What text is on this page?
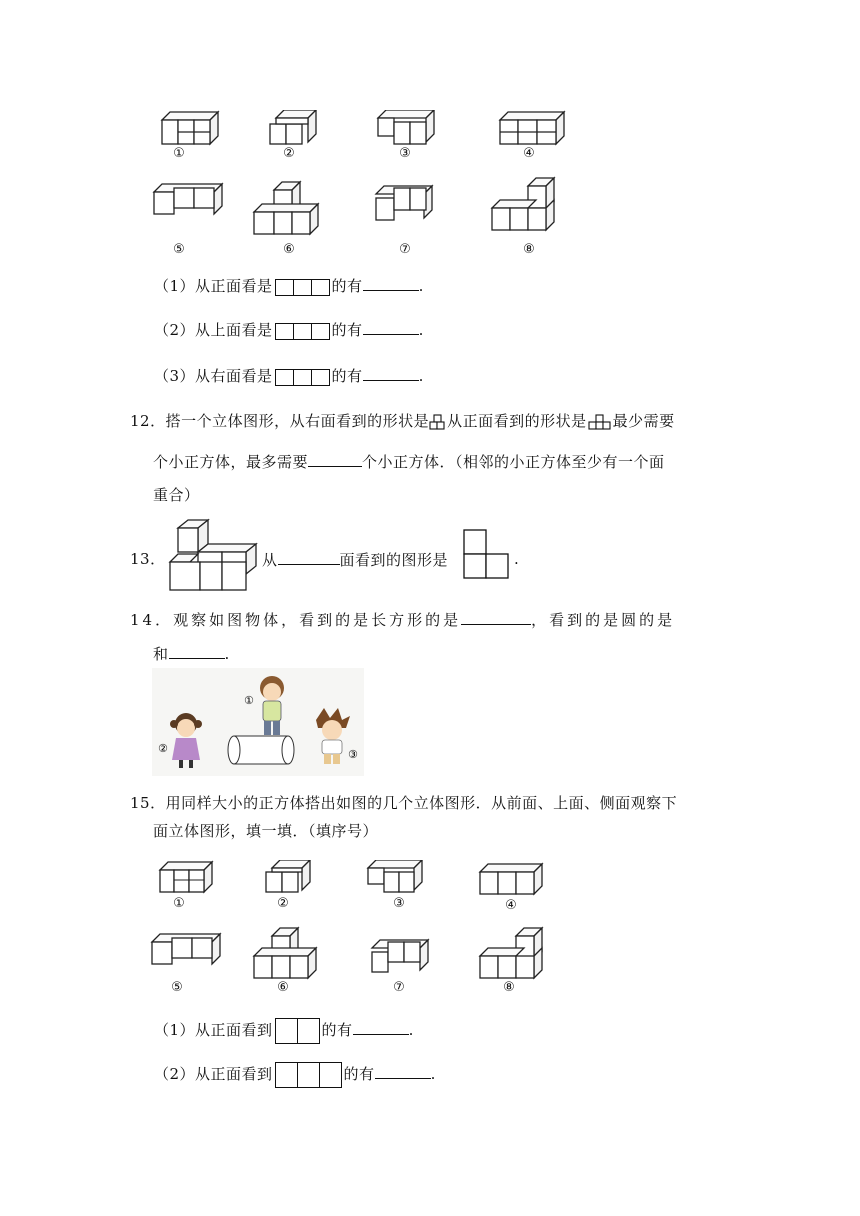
①	②	③	④
⑤	⑥	⑦	⑧
（1）从正面看是	的有	.
（2）从上面看是	的有	.
（3）从右面看是	的有	.
12．搭一个立体图形，从右面看到的形状是 从正面看到的形状是 最少需要
个小正方体，最多需要	个小正方体．（相邻的小正方体至少有一个面
重合）
13．	从	面看到的图形是	.
14．观察如图物体，看到的是长方形的是	，看到的是圆的是
和	.
①
②	③
15．用同样大小的正方体搭出如图的几个立体图形．从前面、上面、侧面观察下
面立体图形，填一填．（填序号）
①	②	③	④
⑤	⑥	⑦	⑧
（1）从正面看到	的有	.
（2）从正面看到	的有	.
